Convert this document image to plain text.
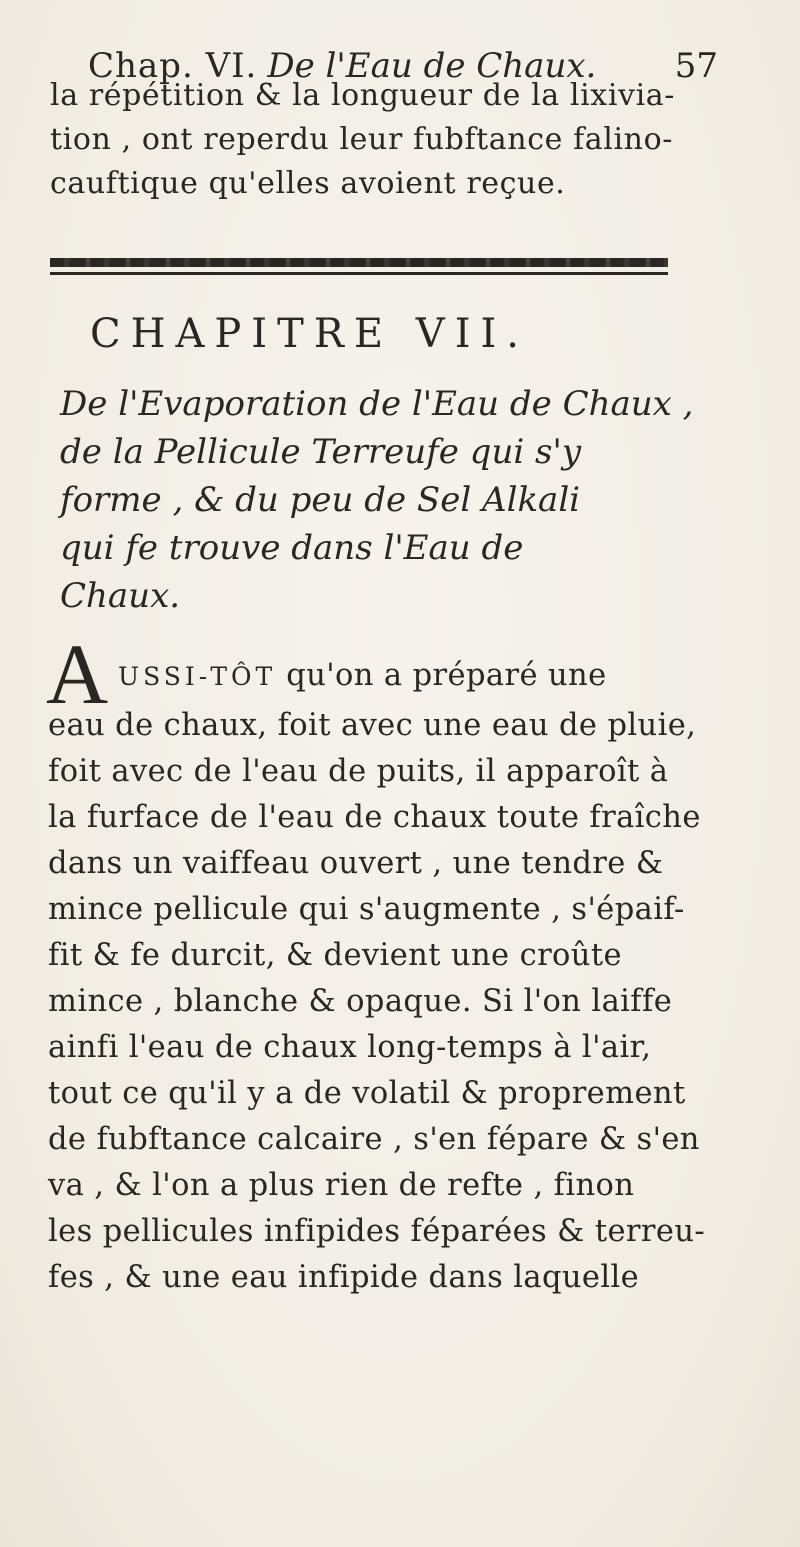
Chap. VI. De l'Eau de Chaux. 57
la répétition & la longueur de la lixivia-
tion , ont reperdu leur fubftance falino-
cauftique qu'elles avoient reçue.
CHAPITRE VII.
De l'Evaporation de l'Eau de Chaux ,
de la Pellicule Terreufe qui s'y
forme , & du peu de Sel Alkali
qui fe trouve dans l'Eau de
Chaux.
A USSI-TÔT qu'on a préparé une
eau de chaux, foit avec une eau de pluie,
foit avec de l'eau de puits, il apparoît à
la furface de l'eau de chaux toute fraîche
dans un vaiffeau ouvert , une tendre &
mince pellicule qui s'augmente , s'épaif-
fit & fe durcit, & devient une croûte
mince , blanche & opaque. Si l'on laiffe
ainfi l'eau de chaux long-temps à l'air,
tout ce qu'il y a de volatil & proprement
de fubftance calcaire , s'en fépare & s'en
va , & l'on a plus rien de refte , finon
les pellicules infipides féparées & terreu-
fes , & une eau infipide dans laquelle
